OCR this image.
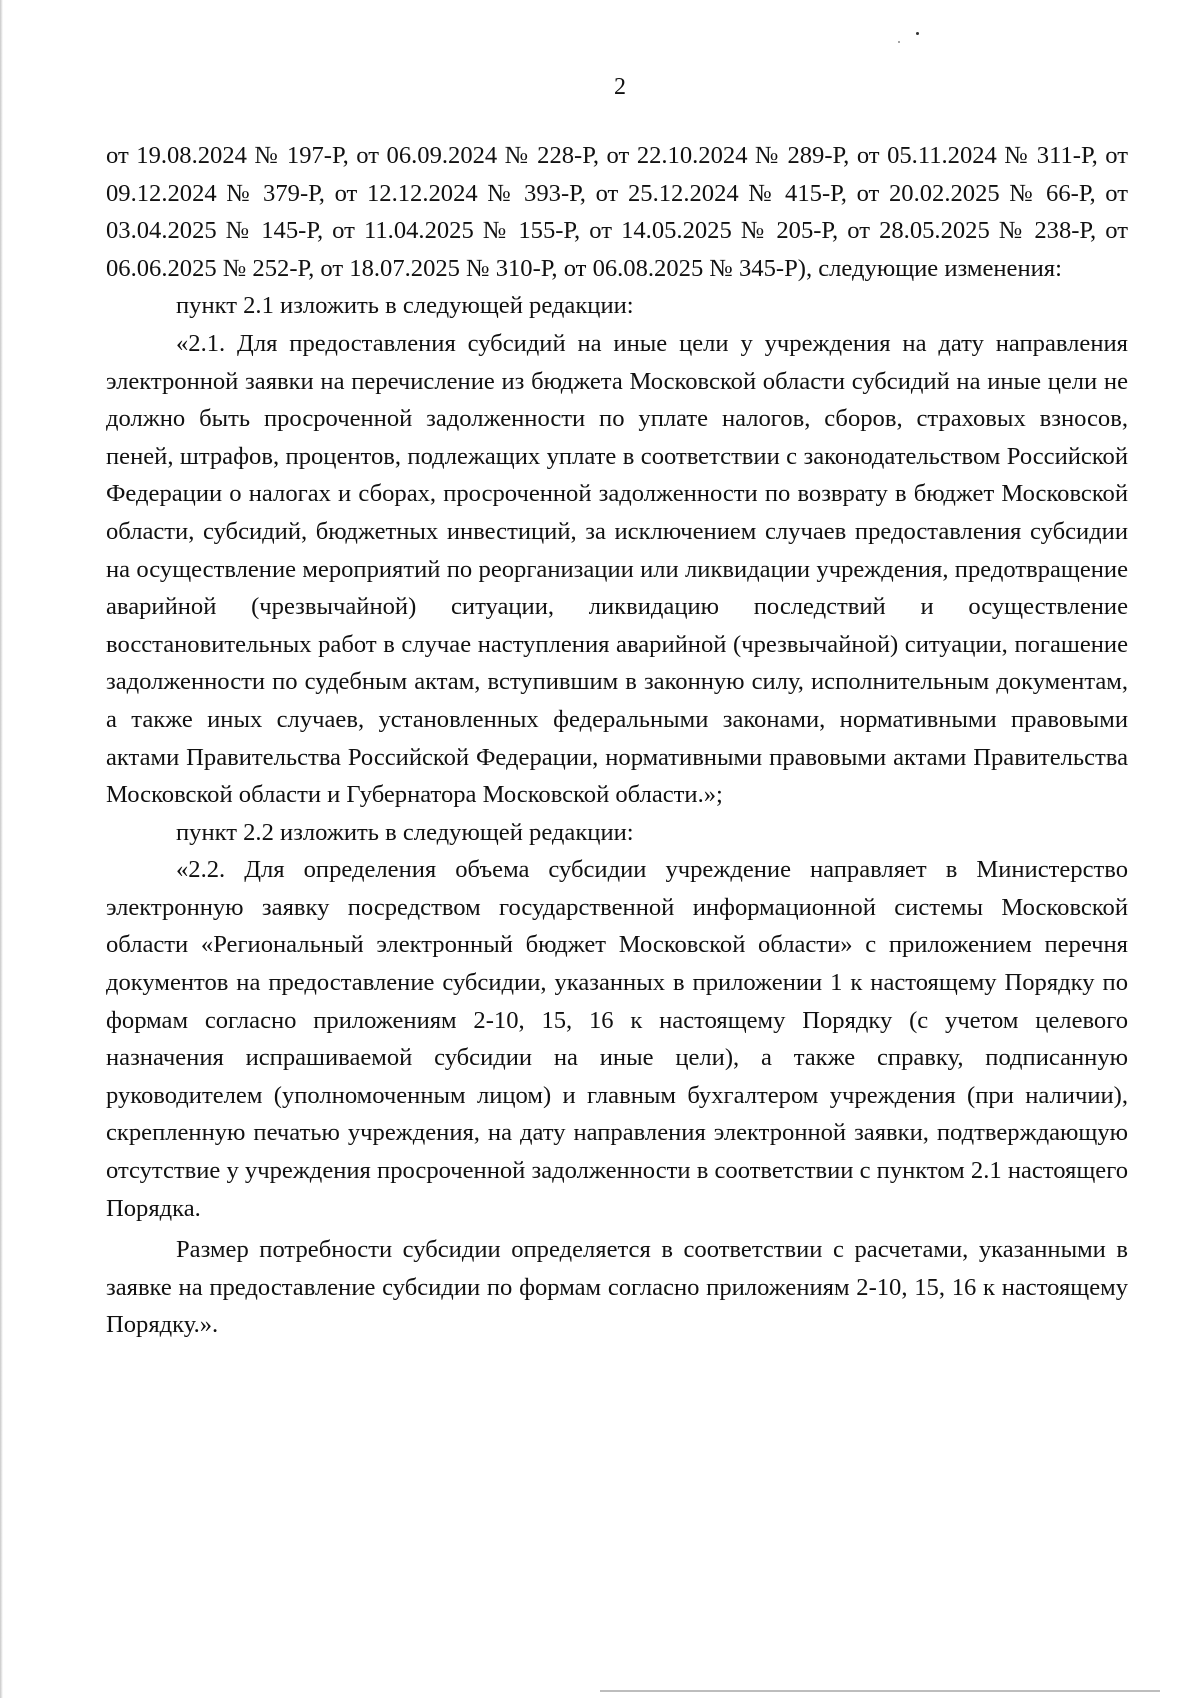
2

от 19.08.2024 № 197-Р, от 06.09.2024 № 228-Р, от 22.10.2024 № 289-Р, от 05.11.2024 № 311-Р, от 09.12.2024 № 379-Р, от 12.12.2024 № 393-Р, от 25.12.2024 № 415-Р, от 20.02.2025 № 66-Р, от 03.04.2025 № 145-Р, от 11.04.2025 № 155-Р, от 14.05.2025 № 205-Р, от 28.05.2025 № 238-Р, от 06.06.2025 № 252-Р, от 18.07.2025 № 310-Р, от 06.08.2025 № 345-Р), следующие изменения:

пункт 2.1 изложить в следующей редакции:

«2.1. Для предоставления субсидий на иные цели у учреждения на дату направления электронной заявки на перечисление из бюджета Московской области субсидий на иные цели не должно быть просроченной задолженности по уплате налогов, сборов, страховых взносов, пеней, штрафов, процентов, подлежащих уплате в соответствии с законодательством Российской Федерации о налогах и сборах, просроченной задолженности по возврату в бюджет Московской области, субсидий, бюджетных инвестиций, за исключением случаев предоставления субсидии на осуществление мероприятий по реорганизации или ликвидации учреждения, предотвращение аварийной (чрезвычайной) ситуации, ликвидацию последствий и осуществление восстановительных работ в случае наступления аварийной (чрезвычайной) ситуации, погашение задолженности по судебным актам, вступившим в законную силу, исполнительным документам, а также иных случаев, установленных федеральными законами, нормативными правовыми актами Правительства Российской Федерации, нормативными правовыми актами Правительства Московской области и Губернатора Московской области.»;

пункт 2.2 изложить в следующей редакции:

«2.2. Для определения объема субсидии учреждение направляет в Министерство электронную заявку посредством государственной информационной системы Московской области «Региональный электронный бюджет Московской области» с приложением перечня документов на предоставление субсидии, указанных в приложении 1 к настоящему Порядку по формам согласно приложениям 2-10, 15, 16 к настоящему Порядку (с учетом целевого назначения испрашиваемой субсидии на иные цели), а также справку, подписанную руководителем (уполномоченным лицом) и главным бухгалтером учреждения (при наличии), скрепленную печатью учреждения, на дату направления электронной заявки, подтверждающую отсутствие у учреждения просроченной задолженности в соответствии с пунктом 2.1 настоящего Порядка.

Размер потребности субсидии определяется в соответствии с расчетами, указанными в заявке на предоставление субсидии по формам согласно приложениям 2-10, 15, 16 к настоящему Порядку.».
